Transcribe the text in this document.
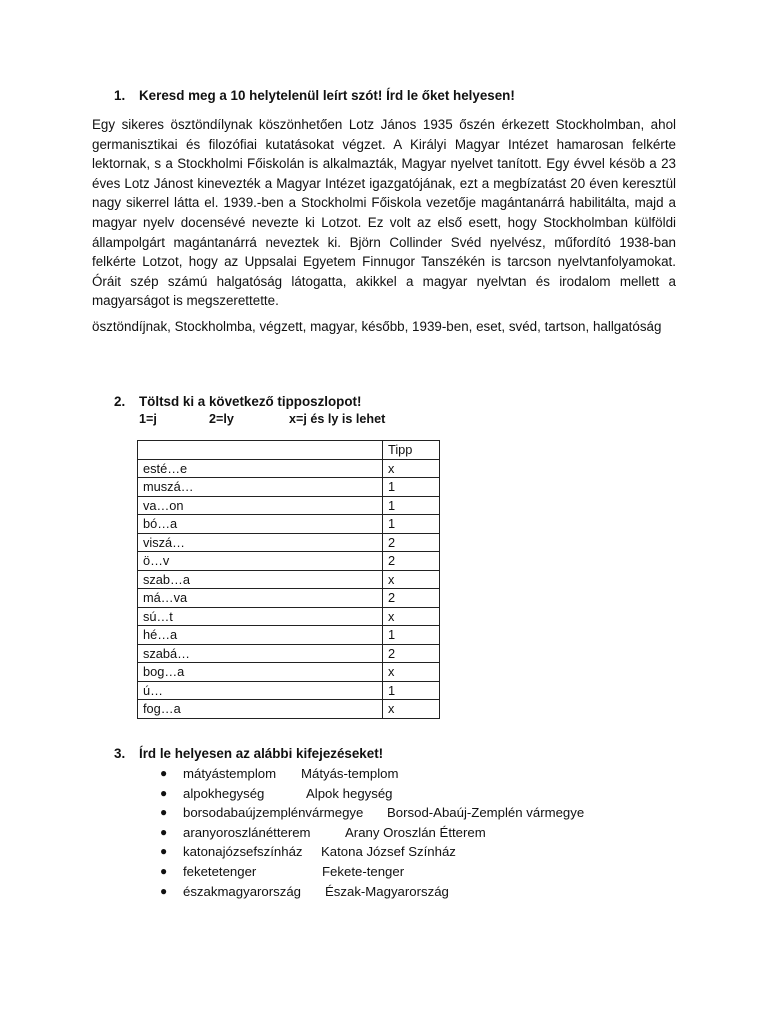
1. Keresd meg a 10 helytelenül leírt szót! Írd le őket helyesen!
Egy sikeres ösztöndílynak köszönhetően Lotz János 1935 őszén érkezett Stockholmban, ahol germanisztikai és filozófiai kutatásokat végzet. A Királyi Magyar Intézet hamarosan felkérte lektornak, s a Stockholmi Főiskolán is alkalmazták, Magyar nyelvet tanított. Egy évvel késöb a 23 éves Lotz Jánost kinevezték a Magyar Intézet igazgatójának, ezt a megbízatást 20 éven keresztül nagy sikerrel látta el. 1939.-ben a Stockholmi Főiskola vezetője magántanárrá habilitálta, majd a magyar nyelv docensévé nevezte ki Lotzot. Ez volt az első esett, hogy Stockholmban külföldi állampolgárt magántanárrá neveztek ki. Björn Collinder Svéd nyelvész, műfordító 1938-ban felkérte Lotzot, hogy az Uppsalai Egyetem Finnugor Tanszékén is tarcson nyelvtanfolyamokat. Óráit szép számú halgatóság látogatta, akikkel a magyar nyelvtan és irodalom mellett a magyarságot is megszerettette.
ösztöndíjnak, Stockholmba, végzett, magyar, később, 1939-ben, eset, svéd, tartson, hallgatóság
2. Töltsd ki a következő tipposzlopot!
1=j	2=ly	x=j és ly is lehet
	Tipp
esté…e	x
muszá…	1
va…on	1
bó…a	1
viszá…	2
ö…v	2
szab…a	x
má…va	2
sú…t	x
hé…a	1
szabá…	2
bog…a	x
ú…	1
fog…a	x
3. Írd le helyesen az alábbi kifejezéseket!
● mátyástemplom Mátyás-templom
● alpokhegység	Alpok hegység
● borsodabaújzemplénvármegye Borsod-Abaúj-Zemplén vármegye
● aranyoroszlánétterem	Arany Oroszlán Étterem
● katonajózsefszínház Katona József Színház
● feketetenger	Fekete-tenger
● északmagyarország Észak-Magyarország
